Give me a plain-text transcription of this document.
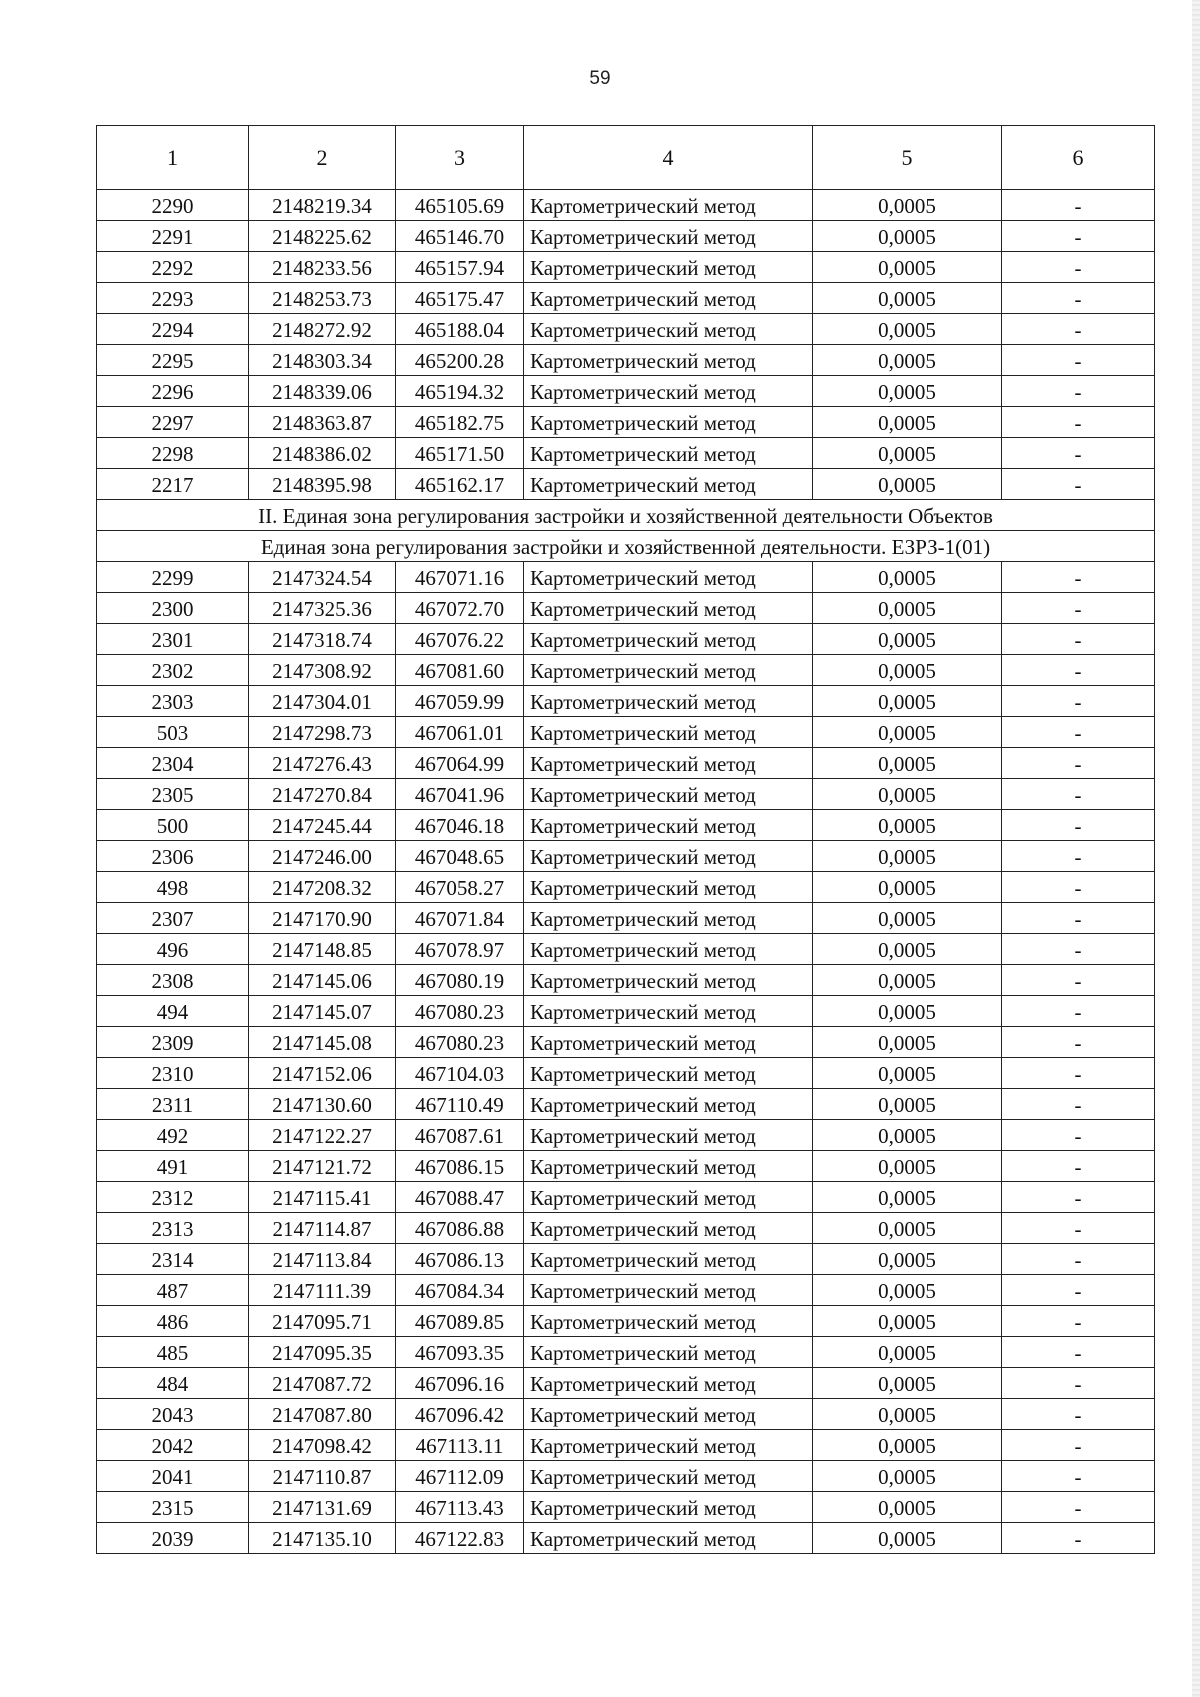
59
1	2	3	4	5	6
2290	2148219.34	465105.69	Картометрический метод	0,0005	-
2291	2148225.62	465146.70	Картометрический метод	0,0005	-
2292	2148233.56	465157.94	Картометрический метод	0,0005	-
2293	2148253.73	465175.47	Картометрический метод	0,0005	-
2294	2148272.92	465188.04	Картометрический метод	0,0005	-
2295	2148303.34	465200.28	Картометрический метод	0,0005	-
2296	2148339.06	465194.32	Картометрический метод	0,0005	-
2297	2148363.87	465182.75	Картометрический метод	0,0005	-
2298	2148386.02	465171.50	Картометрический метод	0,0005	-
2217	2148395.98	465162.17	Картометрический метод	0,0005	-
II. Единая зона регулирования застройки и хозяйственной деятельности Объектов					
Единая зона регулирования застройки и хозяйственной деятельности. ЕЗРЗ-1(01)					
2299	2147324.54	467071.16	Картометрический метод	0,0005	-
2300	2147325.36	467072.70	Картометрический метод	0,0005	-
2301	2147318.74	467076.22	Картометрический метод	0,0005	-
2302	2147308.92	467081.60	Картометрический метод	0,0005	-
2303	2147304.01	467059.99	Картометрический метод	0,0005	-
503	2147298.73	467061.01	Картометрический метод	0,0005	-
2304	2147276.43	467064.99	Картометрический метод	0,0005	-
2305	2147270.84	467041.96	Картометрический метод	0,0005	-
500	2147245.44	467046.18	Картометрический метод	0,0005	-
2306	2147246.00	467048.65	Картометрический метод	0,0005	-
498	2147208.32	467058.27	Картометрический метод	0,0005	-
2307	2147170.90	467071.84	Картометрический метод	0,0005	-
496	2147148.85	467078.97	Картометрический метод	0,0005	-
2308	2147145.06	467080.19	Картометрический метод	0,0005	-
494	2147145.07	467080.23	Картометрический метод	0,0005	-
2309	2147145.08	467080.23	Картометрический метод	0,0005	-
2310	2147152.06	467104.03	Картометрический метод	0,0005	-
2311	2147130.60	467110.49	Картометрический метод	0,0005	-
492	2147122.27	467087.61	Картометрический метод	0,0005	-
491	2147121.72	467086.15	Картометрический метод	0,0005	-
2312	2147115.41	467088.47	Картометрический метод	0,0005	-
2313	2147114.87	467086.88	Картометрический метод	0,0005	-
2314	2147113.84	467086.13	Картометрический метод	0,0005	-
487	2147111.39	467084.34	Картометрический метод	0,0005	-
486	2147095.71	467089.85	Картометрический метод	0,0005	-
485	2147095.35	467093.35	Картометрический метод	0,0005	-
484	2147087.72	467096.16	Картометрический метод	0,0005	-
2043	2147087.80	467096.42	Картометрический метод	0,0005	-
2042	2147098.42	467113.11	Картометрический метод	0,0005	-
2041	2147110.87	467112.09	Картометрический метод	0,0005	-
2315	2147131.69	467113.43	Картометрический метод	0,0005	-
2039	2147135.10	467122.83	Картометрический метод	0,0005	-
